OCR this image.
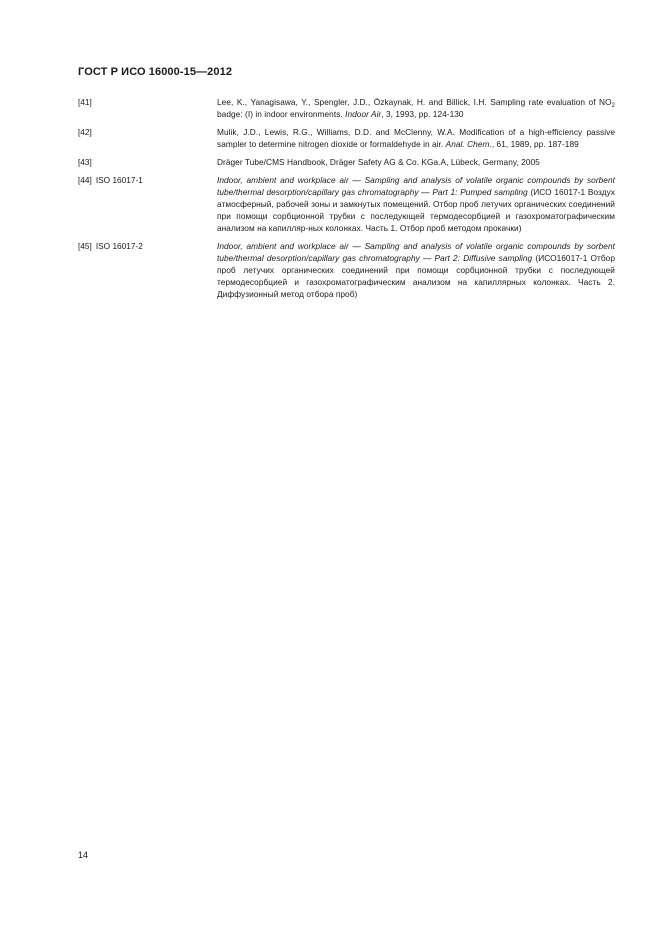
ГОСТ Р ИСО 16000-15—2012
[41]	Lee, K., Yanagisawa, Y., Spengler, J.D., Özkaynak, H. and Billick, I.H. Sampling rate evaluation of $NO_2$ badge: (I) in indoor environments. Indoor Air, 3, 1993, pp. 124-130
[42]	Mulik, J.D., Lewis, R.G., Williams, D.D. and McClenny, W.A. Modification of a high-efficiency passive sampler to determine nitrogen dioxide or formaldehyde in air. Anal. Chem., 61, 1989, pp. 187-189
[43]	Dräger Tube/CMS Handbook, Dräger Safety AG & Co. KGa.A, Lübeck, Germany, 2005
[44] ISO 16017-1	Indoor, ambient and workplace air — Sampling and analysis of volatile organic compounds by sorbent tube/thermal desorption/capillary gas chromatography — Part 1: Pumped sampling (ИСО 16017-1 Воздух атмосферный, рабочей зоны и замкнутых помещений. Отбор проб летучих органических соединений при помощи сорбционной трубки с последующей термодесорбцией и газохроматографическим анализом на капилляр-ных колонках. Часть 1. Отбор проб методом прокачки)
[45] ISO 16017-2	Indoor, ambient and workplace air — Sampling and analysis of volatile organic compounds by sorbent tube/thermal desorption/capillary gas chromatography — Part 2: Diffusive sampling (ИСО16017-1 Отбор проб летучих органических соединений при помощи сорбционной трубки с последующей термодесорбцией и газохроматографическим анализом на капиллярных колонках. Часть 2. Диффузионный метод отбора проб)
14
